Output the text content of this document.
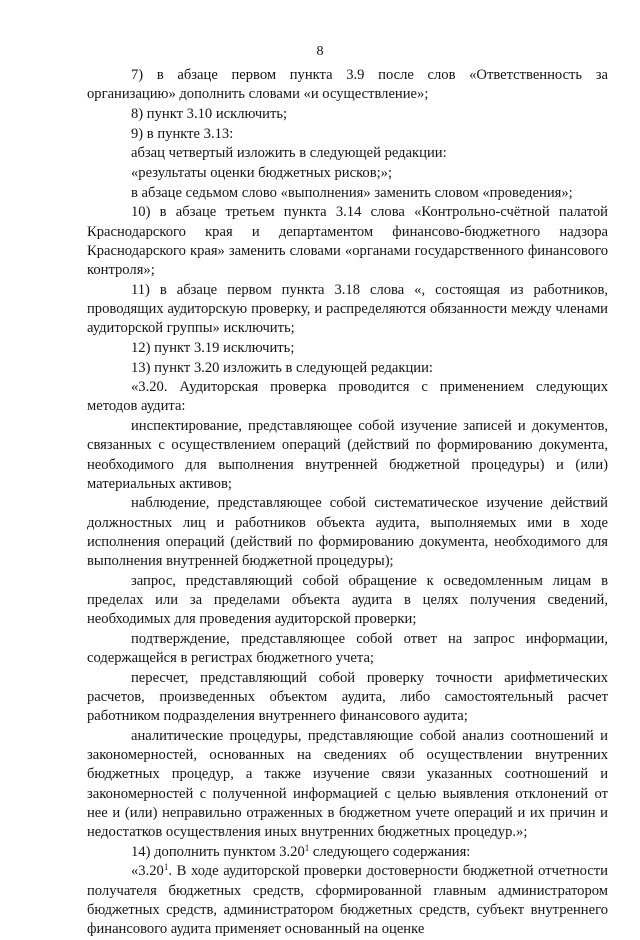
8

7) в абзаце первом пункта 3.9 после слов «Ответственность за организацию» дополнить словами «и осуществление»;

8) пункт 3.10 исключить;

9) в пункте 3.13:

абзац четвертый изложить в следующей редакции:

«результаты оценки бюджетных рисков;»;

в абзаце седьмом слово «выполнения» заменить словом «проведения»;

10) в абзаце третьем пункта 3.14 слова «Контрольно-счётной палатой Краснодарского края и департаментом финансово-бюджетного надзора Краснодарского края» заменить словами «органами государственного финансового контроля»;

11) в абзаце первом пункта 3.18 слова «, состоящая из работников, проводящих аудиторскую проверку, и распределяются обязанности между членами аудиторской группы» исключить;

12) пункт 3.19 исключить;

13) пункт 3.20 изложить в следующей редакции:

«3.20. Аудиторская проверка проводится с применением следующих методов аудита:

инспектирование, представляющее собой изучение записей и документов, связанных с осуществлением операций (действий по формированию документа, необходимого для выполнения внутренней бюджетной процедуры) и (или) материальных активов;

наблюдение, представляющее собой систематическое изучение действий должностных лиц и работников объекта аудита, выполняемых ими в ходе исполнения операций (действий по формированию документа, необходимого для выполнения внутренней бюджетной процедуры);

запрос, представляющий собой обращение к осведомленным лицам в пределах или за пределами объекта аудита в целях получения сведений, необходимых для проведения аудиторской проверки;

подтверждение, представляющее собой ответ на запрос информации, содержащейся в регистрах бюджетного учета;

пересчет, представляющий собой проверку точности арифметических расчетов, произведенных объектом аудита, либо самостоятельный расчет работником подразделения внутреннего финансового аудита;

аналитические процедуры, представляющие собой анализ соотношений и закономерностей, основанных на сведениях об осуществлении внутренних бюджетных процедур, а также изучение связи указанных соотношений и закономерностей с полученной информацией с целью выявления отклонений от нее и (или) неправильно отраженных в бюджетном учете операций и их причин и недостатков осуществления иных внутренних бюджетных процедур.»;

14) дополнить пунктом 3.20$^1$ следующего содержания:

«3.20$^1$. В ходе аудиторской проверки достоверности бюджетной отчетности получателя бюджетных средств, сформированной главным администратором бюджетных средств, администратором бюджетных средств, субъект внутреннего финансового аудита применяет основанный на оценке
